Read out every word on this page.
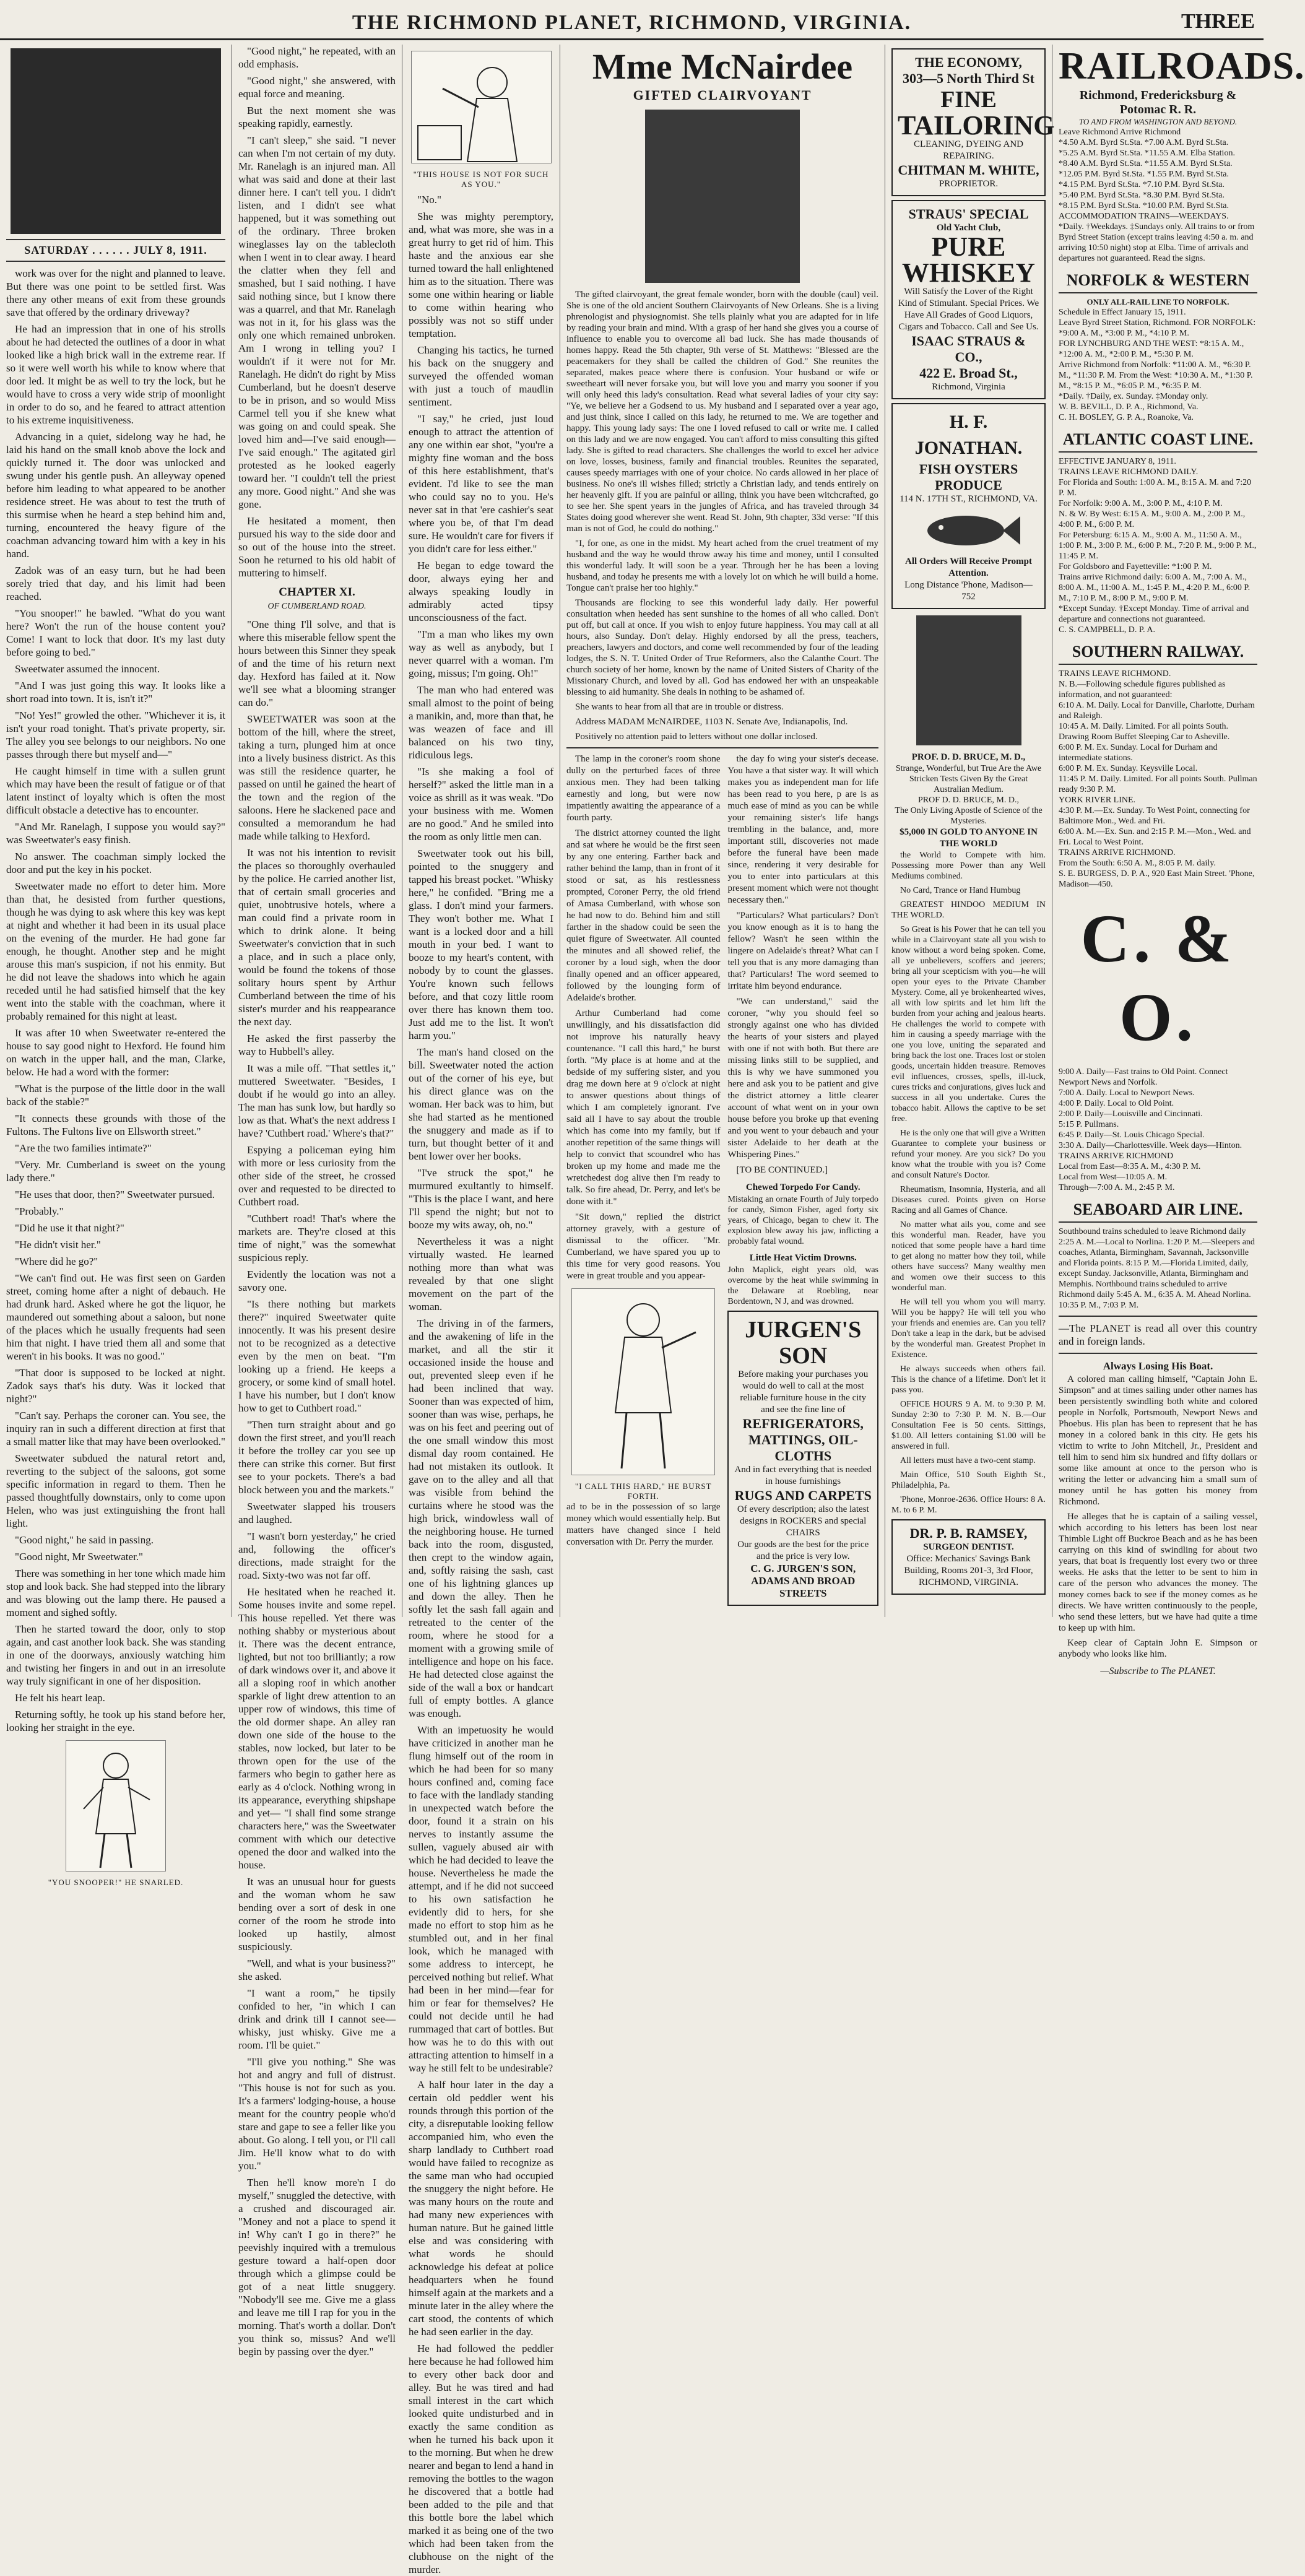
THE RICHMOND PLANET, RICHMOND, VIRGINIA.	THREE
SATURDAY . . . . . . JULY 8, 1911.

work was over for the night and planned to leave. But there was one point to be settled first. Was there any other means of exit from these grounds save that offered by the ordinary driveway?

He had an impression that in one of his strolls about he had detected the outlines of a door in what looked like a high brick wall in the extreme rear. If so it were well worth his while to know where that door led. It might be as well to try the lock, but he would have to cross a very wide strip of moonlight in order to do so, and he feared to attract attention to his extreme inquisitiveness.

Advancing in a quiet, sidelong way he had, he laid his hand on the small knob above the lock and quickly turned it. The door was unlocked and swung under his gentle push. An alleyway opened before him leading to what appeared to be another residence street. He was about to test the truth of this surmise when he heard a step behind him and, turning, encountered the heavy figure of the coachman advancing toward him with a key in his hand.

Zadok was of an easy turn, but he had been sorely tried that day, and his limit had been reached.

"You snooper!" he bawled. "What do you want here? Won't the run of the house content you? Come! I want to lock that door. It's my last duty before going to bed."

Sweetwater assumed the innocent.

"And I was just going this way. It looks like a short road into town. It is, isn't it?"

"No! Yes!" growled the other. "Whichever it is, it isn't your road tonight. That's private property, sir. The alley you see belongs to our neighbors. No one passes through there but myself and—"

He caught himself in time with a sullen grunt which may have been the result of fatigue or of that latent instinct of loyalty which is often the most difficult obstacle a detective has to encounter.

"And Mr. Ranelagh, I suppose you would say?" was Sweetwater's easy finish.

No answer. The coachman simply locked the door and put the key in his pocket.

Sweetwater made no effort to deter him. More than that, he desisted from further questions, though he was dying to ask where this key was kept at night and whether it had been in its usual place on the evening of the murder. He had gone far enough, he thought. Another step and he might arouse this man's suspicion, if not his enmity. But he did not leave the shadows into which he again receded until he had satisfied himself that the key went into the stable with the coachman, where it probably remained for this night at least.

It was after 10 when Sweetwater re-entered the house to say good night to Hexford. He found him on watch in the upper hall, and the man, Clarke, below. He had a word with the former:

"What is the purpose of the little door in the wall back of the stable?"

"It connects these grounds with those of the Fultons. The Fultons live on Ellsworth street."

"Are the two families intimate?"

"Very. Mr. Cumberland is sweet on the young lady there."

"He uses that door, then?" Sweetwater pursued.

"Probably."

"Did he use it that night?"

"He didn't visit her."

"Where did he go?"

"We can't find out. He was first seen on Garden street, coming home after a night of debauch. He had drunk hard. Asked where he got the liquor, he maundered out something about a saloon, but none of the places which he usually frequents had seen him that night. I have tried them all and some that weren't in his books. It was no good."

"That door is supposed to be locked at night. Zadok says that's his duty. Was it locked that night?"

"Can't say. Perhaps the coroner can. You see, the inquiry ran in such a different direction at first that a small matter like that may have been overlooked."

Sweetwater subdued the natural retort and, reverting to the subject of the saloons, got some specific information in regard to them. Then he passed thoughtfully downstairs, only to come upon Helen, who was just extinguishing the front hall light.

"Good night," he said in passing.

"Good night, Mr Sweetwater."

There was something in her tone which made him stop and look back. She had stepped into the library and was blowing out the lamp there. He paused a moment and sighed softly.

Then he started toward the door, only to stop again, and cast another look back. She was standing in one of the doorways, anxiously watching him and twisting her fingers in and out in an irresolute way truly significant in one of her disposition.

He felt his heart leap.

Returning softly, he took up his stand before her, looking her straight in the eye.

"YOU SNOOPER!" HE SNARLED.

"Good night," he repeated, with an odd emphasis.

"Good night," she answered, with equal force and meaning.

But the next moment she was speaking rapidly, earnestly.

"I can't sleep," she said. "I never can when I'm not certain of my duty. Mr. Ranelagh is an injured man. All what was said and done at their last dinner here. I can't tell you. I didn't listen, and I didn't see what happened, but it was something out of the ordinary. Three broken wineglasses lay on the tablecloth when I went in to clear away. I heard the clatter when they fell and smashed, but I said nothing. I have said nothing since, but I know there was a quarrel, and that Mr. Ranelagh was not in it, for his glass was the only one which remained unbroken. Am I wrong in telling you? I wouldn't if it were not for Mr. Ranelagh. He didn't do right by Miss Cumberland, but he doesn't deserve to be in prison, and so would Miss Carmel tell you if she knew what was going on and could speak. She loved him and—I've said enough—I've said enough." The agitated girl protested as he looked eagerly toward her. "I couldn't tell the priest any more. Good night." And she was gone.

He hesitated a moment, then pursued his way to the side door and so out of the house into the street. Soon he returned to his old habit of muttering to himself.

CHAPTER XI.
OF CUMBERLAND ROAD.

"One thing I'll solve, and that is where this miserable fellow spent the hours between this Sinner they speak of and the time of his return next day. Hexford has failed at it. Now we'll see what a blooming stranger can do."

SWEETWATER was soon at the bottom of the hill, where the street, taking a turn, plunged him at once into a lively business district. As this was still the residence quarter, he passed on until he gained the heart of the town and the region of the saloons. Here he slackened pace and consulted a memorandum he had made while talking to Hexford.

It was not his intention to revisit the places so thoroughly overhauled by the police. He carried another list, that of certain small groceries and quiet, unobtrusive hotels, where a man could find a private room in which to drink alone. It being Sweetwater's conviction that in such a place, and in such a place only, would be found the tokens of those solitary hours spent by Arthur Cumberland between the time of his sister's murder and his reappearance the next day.

He asked the first passerby the way to Hubbell's alley.

It was a mile off. "That settles it," muttered Sweetwater. "Besides, I doubt if he would go into an alley. The man has sunk low, but hardly so low as that. What's the next address I have? 'Cuthbert road.' Where's that?"

Espying a policeman eying him with more or less curiosity from the other side of the street, he crossed over and requested to be directed to Cuthbert road.

"Cuthbert road! That's where the markets are. They're closed at this time of night," was the somewhat suspicious reply.

Evidently the location was not a savory one.

"Is there nothing but markets there?" inquired Sweetwater quite innocently. It was his present desire not to be recognized as a detective even by the men on beat. "I'm looking up a friend. He keeps a grocery, or some kind of small hotel. I have his number, but I don't know how to get to Cuthbert road."

"Then turn straight about and go down the first street, and you'll reach it before the trolley car you see up there can strike this corner. But first see to your pockets. There's a bad block between you and the markets."

Sweetwater slapped his trousers and laughed.

"I wasn't born yesterday," he cried and, following the officer's directions, made straight for the road. Sixty-two was not far off.

He hesitated when he reached it. Some houses invite and some repel. This house repelled. Yet there was nothing shabby or mysterious about it. There was the decent entrance, lighted, but not too brilliantly; a row of dark windows over it, and above it all a sloping roof in which another sparkle of light drew attention to an upper row of windows, this time of the old dormer shape. An alley ran down one side of the house to the stables, now locked, but later to be thrown open for the use of the farmers who begin to gather here as early as 4 o'clock. Nothing wrong in its appearance, everything shipshape and yet— "I shall find some strange characters here," was the Sweetwater comment with which our detective opened the door and walked into the house.

It was an unusual hour for guests and the woman whom he saw bending over a sort of desk in one corner of the room he strode into looked up hastily, almost suspiciously.

"Well, and what is your business?" she asked.

"I want a room," he tipsily confided to her, "in which I can drink and drink till I cannot see—whisky, just whisky. Give me a room. I'll be quiet."

"I'll give you nothing." She was hot and angry and full of distrust. "This house is not for such as you. It's a farmers' lodging-house, a house meant for the country people who'd stare and gape to see a feller like you about. Go along. I tell you, or I'll call Jim. He'll know what to do with you."

Then he'll know more'n I do myself," snuggled the detective, with a crushed and discouraged air. "Money and not a place to spend it in! Why can't I go in there?" he peevishly inquired with a tremulous gesture toward a half-open door through which a glimpse could be got of a neat little snuggery. "Nobody'll see me. Give me a glass and leave me till I rap for you in the morning. That's worth a dollar. Don't you think so, missus? And we'll begin by passing over the dyer."

"THIS HOUSE IS NOT FOR SUCH AS YOU."

"No."

She was mighty peremptory, and, what was more, she was in a great hurry to get rid of him. This haste and the anxious ear she turned toward the hall enlightened him as to the situation. There was some one within hearing or liable to come within hearing who possibly was not so stiff under temptation.

Changing his tactics, he turned his back on the snuggery and surveyed the offended woman with just a touch of maudlin sentiment.

"I say," he cried, just loud enough to attract the attention of any one within ear shot, "you're a mighty fine woman and the boss of this here establishment, that's evident. I'd like to see the man who could say no to you. He's never sat in that 'ere cashier's seat where you be, of that I'm dead sure. He wouldn't care for fivers if you didn't care for less either."

He began to edge toward the door, always eying her and always speaking loudly in admirably acted tipsy unconsciousness of the fact.

"I'm a man who likes my own way as well as anybody, but I never quarrel with a woman. I'm going, missus; I'm going. Oh!"

The man who had entered was small almost to the point of being a manikin, and, more than that, he was weazen of face and ill balanced on his two tiny, ridiculous legs.

"Is she making a fool of herself?" asked the little man in a voice as shrill as it was weak. "Do your business with me. Women are no good." And he smiled into the room as only little men can.

Sweetwater took out his bill, pointed to the snuggery and tapped his breast pocket. "Whisky here," he confided. "Bring me a glass. I don't mind your farmers. They won't bother me. What I want is a locked door and a hill mouth in your bed. I want to booze to my heart's content, with nobody by to count the glasses. You're known such fellows before, and that cozy little room over there has known them too. Just add me to the list. It won't harm you."

The man's hand closed on the bill. Sweetwater noted the action out of the corner of his eye, but his direct glance was on the woman. Her back was to him, but she had started as he mentioned the snuggery and made as if to turn, but thought better of it and bent lower over her books.

"I've struck the spot," he murmured exultantly to himself. "This is the place I want, and here I'll spend the night; but not to booze my wits away, oh, no."

Nevertheless it was a night virtually wasted. He learned nothing more than what was revealed by that one slight movement on the part of the woman.

The driving in of the farmers, and the awakening of life in the market, and all the stir it occasioned inside the house and out, prevented sleep even if he had been inclined that way. Sooner than was expected of him, sooner than was wise, perhaps, he was on his feet and peering out of the one small window this most dismal day room contained. He had not mistaken its outlook. It gave on to the alley and all that was visible from behind the curtains where he stood was the high brick, windowless wall of the neighboring house. He turned back into the room, disgusted, then crept to the window again, and, softly raising the sash, cast one of his lightning glances up and down the alley. Then he softly let the sash fall again and retreated to the center of the room, where he stood for a moment with a growing smile of intelligence and hope on his face. He had detected close against the side of the wall a box or handcart full of empty bottles. A glance was enough.

With an impetuosity he would have criticized in another man he flung himself out of the room in which he had been for so many hours confined and, coming face to face with the landlady standing in unexpected watch before the door, found it a strain on his nerves to instantly assume the sullen, vaguely abused air with which he had decided to leave the house. Nevertheless he made the attempt, and if he did not succeed to his own satisfaction he evidently did to hers, for she made no effort to stop him as he stumbled out, and in her final look, which he managed with some address to intercept, he perceived nothing but relief. What had been in her mind—fear for him or fear for themselves? He could not decide until he had rummaged that cart of bottles. But how was he to do this with out attracting attention to himself in a way he still felt to be undesirable?

A half hour later in the day a certain old peddler went his rounds through this portion of the city, a disreputable looking fellow accompanied him, who even the sharp landlady to Cuthbert road would have failed to recognize as the same man who had occupied the snuggery the night before. He was many hours on the route and had many new experiences with human nature. But he gained little else and was considering with what words he should acknowledge his defeat at police headquarters when he found himself again at the markets and a minute later in the alley where the cart stood, the contents of which he had seen earlier in the day.

He had followed the peddler here because he had followed him to every other back door and alley. But he was tired and had small interest in the cart which looked quite undisturbed and in exactly the same condition as when he turned his back upon it to the morning. But when he drew nearer and began to lend a hand in removing the bottles to the wagon he discovered that a bottle had been added to the pile and that this bottle bore the label which marked it as being one of the two which had been taken from the clubhouse on the night of the murder.

Mme McNairdee
GIFTED CLAIRVOYANT

The gifted clairvoyant, the great female wonder, born with the double (caul) veil. She is one of the old ancient Southern Clairvoyants of New Orleans. She is a living phrenologist and physiognomist. She tells plainly what you are adapted for in life by reading your brain and mind. With a grasp of her hand she gives you a course of influence to enable you to overcome all bad luck. She has made thousands of homes happy. Read the 5th chapter, 9th verse of St. Matthews: "Blessed are the peacemakers for they shall be called the children of God." She reunites the separated, makes peace where there is confusion. Your husband or wife or sweetheart will never forsake you, but will love you and marry you sooner if you will only heed this lady's consultation. Read what several ladies of your city say: "Ye, we believe her a Godsend to us. My husband and I separated over a year ago, and just think, since I called on this lady, he returned to me. We are together and happy. This young lady says: The one I loved refused to call or write me. I called on this lady and we are now engaged. You can't afford to miss consulting this gifted lady. She is gifted to read characters. She challenges the world to excel her advice on love, losses, business, family and financial troubles. Reunites the separated, causes speedy marriages with one of your choice. No cards allowed in her place of business. No one's ill wishes filled; strictly a Christian lady, and tends entirely on her heavenly gift. If you are painful or ailing, think you have been witchcrafted, go to see her. She spent years in the jungles of Africa, and has traveled through 34 States doing good wherever she went. Read St. John, 9th chapter, 33d verse: "If this man is not of God, he could do nothing."

"I, for one, as one in the midst. My heart ached from the cruel treatment of my husband and the way he would throw away his time and money, until I consulted this wonderful lady. It will soon be a year. Through her he has been a loving husband, and today he presents me with a lovely lot on which he will build a home. Tongue can't praise her too highly."

Thousands are flocking to see this wonderful lady daily. Her powerful consultation when heeded has sent sunshine to the homes of all who called. Don't put off, but call at once. If you wish to enjoy future happiness. You may call at all hours, also Sunday. Don't delay. Highly endorsed by all the press, teachers, preachers, lawyers and doctors, and come well recommended by four of the leading lodges, the S. N. T. United Order of True Reformers, also the Calanthe Court. The church society of her home, known by the name of United Sisters of Charity of the Missionary Church, and loved by all. God has endowed her with an unspeakable blessing to aid humanity. She deals in nothing to be ashamed of.

She wants to hear from all that are in trouble or distress.

Address MADAM McNAIRDEE, 1103 N. Senate Ave, Indianapolis, Ind.

Positively no attention paid to letters without one dollar inclosed.

The lamp in the coroner's room shone dully on the perturbed faces of three anxious men. They had been talking earnestly and long, but were now impatiently awaiting the appearance of a fourth party.

The district attorney counted the light and sat where he would be the first seen by any one entering. Farther back and rather behind the lamp, than in front of it stood or sat, as his restlessness prompted, Coroner Perry, the old friend of Amasa Cumberland, with whose son he had now to do. Behind him and still farther in the shadow could be seen the quiet figure of Sweetwater. All counted the minutes and all showed relief, the coroner by a loud sigh, when the door finally opened and an officer appeared, followed by the lounging form of Adelaide's brother.

Arthur Cumberland had come unwillingly, and his dissatisfaction did not improve his naturally heavy countenance. "I call this hard," he burst forth. "My place is at home and at the bedside of my suffering sister, and you drag me down here at 9 o'clock at night to answer questions about things of which I am completely ignorant. I've said all I have to say about the trouble which has come into my family, but if another repetition of the same things will help to convict that scoundrel who has broken up my home and made me the wretchedest dog alive then I'm ready to talk. So fire ahead, Dr. Perry, and let's be done with it."

"Sit down," replied the district attorney gravely, with a gesture of dismissal to the officer. "Mr. Cumberland, we have spared you up to this time for very good reasons. You were in great trouble and you appear-

"I CALL THIS HARD," HE BURST FORTH.
ad to be in the possession of so large money which would essentially help. But matters have changed since I held conversation with Dr. Perry the murder.

the day fo wing your sister's decease. You have a that sister way. It will which makes you as independent man for life has been read to you here, p are is as much ease of mind as you can be while your remaining sister's life hangs trembling in the balance, and, more important still, discoveries not made before the funeral have been made since, rendering it very desirable for you to enter into particulars at this present moment which were not thought necessary then."

"Particulars? What particulars? Don't you know enough as it is to hang the fellow? Wasn't he seen within the lingere on Adelaide's threat? What can I tell you that is any more damaging than that? Particulars! The word seemed to irritate him beyond endurance.

"We can understand," said the coroner, "why you should feel so strongly against one who has divided the hearts of your sisters and played with one if not with both. But there are missing links still to be supplied, and this is why we have summoned you here and ask you to be patient and give the district attorney a little clearer account of what went on in your own house before you broke up that evening and you went to your debauch and your sister Adelaide to her death at the Whispering Pines."

[TO BE CONTINUED.]

Chewed Torpedo For Candy.
Mistaking an ornate Fourth of July torpedo for candy, Simon Fisher, aged forty six years, of Chicago, began to chew it. The explosion blew away his jaw, inflicting a probably fatal wound.
Little Heat Victim Drowns.
John Maplick, eight years old, was overcome by the heat while swimming in the Delaware at Roebling, near Bordentown, N J, and was drowned.
JURGEN'S SON
Before making your purchases you would do well to call at the most reliable furniture house in the city and see the fine line of
REFRIGERATORS, MATTINGS, OIL-CLOTHS
And in fact everything that is needed in house furnishings
RUGS AND CARPETS
Of every description; also the latest designs in ROCKERS and special CHAIRS
Our goods are the best for the price and the price is very low.
C. G. JURGEN'S SON, ADAMS AND BROAD STREETS
THE ECONOMY,
303—5 North Third St
FINE
TAILORING
CLEANING, DYEING AND REPAIRING.
CHITMAN M. WHITE,
PROPRIETOR.
STRAUS' SPECIAL
Old Yacht Club,
PURE WHISKEY
Will Satisfy the Lover of the Right Kind of Stimulant. Special Prices. We Have All Grades of Good Liquors, Cigars and Tobacco. Call and See Us.
ISAAC STRAUS & CO.,
422 E. Broad St.,
Richmond, Virginia
H. F. JONATHAN.
FISH OYSTERS PRODUCE
114 N. 17TH ST., RICHMOND, VA.
All Orders Will Receive Prompt Attention.
Long Distance 'Phone, Madison—752
PROF. D. D. BRUCE, M. D.,
Strange, Wonderful, but True Are the Awe Stricken Tests Given By the Great Australian Medium.
PROF D. D. BRUCE, M. D.,
The Only Living Apostle of Science of the Mysteries.
$5,000 IN GOLD TO ANYONE IN THE WORLD

the World to Compete with him. Possessing more Power than any Well Mediums combined.

No Card, Trance or Hand Humbug

GREATEST HINDOO MEDIUM IN THE WORLD.

So Great is his Power that he can tell you while in a Clairvoyant state all you wish to know without a word being spoken. Come, all ye unbelievers, scoffers and jeerers; bring all your scepticism with you—he will open your eyes to the Private Chamber Mystery. Come, all ye brokenhearted wives, all with low spirits and let him lift the burden from your aching and jealous hearts. He challenges the world to compete with him in causing a speedy marriage with the one you love, uniting the separated and bring back the lost one. Traces lost or stolen goods, uncertain hidden treasure. Removes evil influences, crosses, spells, ill-luck, cures tricks and conjurations, gives luck and success in all you undertake. Cures the tobacco habit. Allows the captive to be set free.

He is the only one that will give a Written Guarantee to complete your business or refund your money. Are you sick? Do you know what the trouble with you is? Come and consult Nature's Doctor.

Rheumatism, Insomnia, Hysteria, and all Diseases cured. Points given on Horse Racing and all Games of Chance.

No matter what ails you, come and see this wonderful man. Reader, have you noticed that some people have a hard time to get along no matter how they toil, while others have success? Many wealthy men and women owe their success to this wonderful man.

He will tell you whom you will marry. Will you be happy? He will tell you who your friends and enemies are. Can you tell? Don't take a leap in the dark, but be advised by the wonderful man. Greatest Prophet in Existence.

He always succeeds when others fail. This is the chance of a lifetime. Don't let it pass you.

OFFICE HOURS 9 A. M. to 9:30 P. M. Sunday 2:30 to 7:30 P. M. N. B.—Our Consultation Fee is 50 cents. Sittings, $1.00. All letters containing $1.00 will be answered in full.

All letters must have a two-cent stamp.

Main Office, 510 South Eighth St., Philadelphia, Pa.

'Phone, Monroe-2636. Office Hours: 8 A. M. to 6 P. M.

DR. P. B. RAMSEY,
SURGEON DENTIST.
Office: Mechanics' Savings Bank Building, Rooms 201-3, 3rd Floor, RICHMOND, VIRGINIA.
RAILROADS.
Richmond, Fredericksburg & Potomac R. R.
TO AND FROM WASHINGTON AND BEYOND.
Leave Richmond Arrive Richmond
*4.50 A.M. Byrd St.Sta. *7.00 A.M. Byrd St.Sta.
*5.25 A.M. Byrd St.Sta. *11.55 A.M. Elba Station.
*8.40 A.M. Byrd St.Sta. *11.55 A.M. Byrd St.Sta.
*12.05 P.M. Byrd St.Sta. *1.55 P.M. Byrd St.Sta.
*4.15 P.M. Byrd St.Sta. *7.10 P.M. Byrd St.Sta.
*5.40 P.M. Byrd St.Sta. *8.30 P.M. Byrd St.Sta.
*8.15 P.M. Byrd St.Sta. *10.00 P.M. Byrd St.Sta.
ACCOMMODATION TRAINS—WEEKDAYS.
*Daily. †Weekdays. ‡Sundays only. All trains to or from Byrd Street Station (except trains leaving 4:50 a. m. and arriving 10:50 night) stop at Elba. Time of arrivals and departures not guaranteed. Read the signs.
NORFOLK & WESTERN
ONLY ALL-RAIL LINE TO NORFOLK.
Schedule in Effect January 15, 1911.
Leave Byrd Street Station, Richmond. FOR NORFOLK: *9:00 A. M., *3:00 P. M., *4:10 P. M.
FOR LYNCHBURG AND THE WEST: *8:15 A. M., *12:00 A. M., *2:00 P. M., *5:30 P. M.
Arrive Richmond from Norfolk: *11:00 A. M., *6:30 P. M., *11:30 P. M. From the West: *10:30 A. M., *1:30 P. M., *8:15 P. M., *6:05 P. M., *6:35 P. M.
*Daily. †Daily, ex. Sunday. ‡Monday only.
W. B. BEVILL, D. P. A., Richmond, Va.
C. H. BOSLEY, G. P. A., Roanoke, Va.
ATLANTIC COAST LINE.
EFFECTIVE JANUARY 8, 1911.
TRAINS LEAVE RICHMOND DAILY.
For Florida and South: 1:00 A. M., 8:15 A. M. and 7:20 P. M.
For Norfolk: 9:00 A. M., 3:00 P. M., 4:10 P. M.
N. & W. By West: 6:15 A. M., 9:00 A. M., 2:00 P. M., 4:00 P. M., 6:00 P. M.
For Petersburg: 6:15 A. M., 9:00 A. M., 11:50 A. M., 1:00 P. M., 3:00 P. M., 6:00 P. M., 7:20 P. M., 9:00 P. M., 11:45 P. M.
For Goldsboro and Fayetteville: *1:00 P. M.
Trains arrive Richmond daily: 6:00 A. M., 7:00 A. M., 8:00 A. M., 11:00 A. M., 1:45 P. M., 4:20 P. M., 6:00 P. M., 7:10 P. M., 8:00 P. M., 9:00 P. M.
*Except Sunday. †Except Monday. Time of arrival and departure and connections not guaranteed.
C. S. CAMPBELL, D. P. A.
SOUTHERN RAILWAY.
TRAINS LEAVE RICHMOND.
N. B.—Following schedule figures published as information, and not guaranteed:
6:10 A. M. Daily. Local for Danville, Charlotte, Durham and Raleigh.
10:45 A. M. Daily. Limited. For all points South. Drawing Room Buffet Sleeping Car to Asheville.
6:00 P. M. Ex. Sunday. Local for Durham and intermediate stations.
6:00 P. M. Ex. Sunday. Keysville Local.
11:45 P. M. Daily. Limited. For all points South. Pullman ready 9:30 P. M.
YORK RIVER LINE.
4:30 P. M.—Ex. Sunday. To West Point, connecting for Baltimore Mon., Wed. and Fri.
6:00 A. M.—Ex. Sun. and 2:15 P. M.—Mon., Wed. and Fri. Local to West Point.
TRAINS ARRIVE RICHMOND.
From the South: 6:50 A. M., 8:05 P. M. daily.
S. E. BURGESS, D. P. A., 920 East Main Street. 'Phone, Madison—450.
C. & O.
9:00 A. Daily—Fast trains to Old Point. Connect Newport News and Norfolk.
7:00 A. Daily. Local to Newport News.
4:00 P. Daily. Local to Old Point.
2:00 P. Daily—Louisville and Cincinnati.
5:15 P. Pullmans.
6:45 P. Daily—St. Louis Chicago Special.
3:30 A. Daily—Charlottesville. Week days—Hinton.
TRAINS ARRIVE RICHMOND
Local from East—8:35 A. M., 4:30 P. M.
Local from West—10:05 A. M.
Through—7:00 A. M., 2:45 P. M.
SEABOARD AIR LINE.
Southbound trains scheduled to leave Richmond daily 2:25 A. M.—Local to Norlina. 1:20 P. M.—Sleepers and coaches, Atlanta, Birmingham, Savannah, Jacksonville and Florida points. 8:15 P. M.—Florida Limited, daily, except Sunday. Jacksonville, Atlanta, Birmingham and Memphis. Northbound trains scheduled to arrive Richmond daily 5:45 A. M., 6:35 A. M. Ahead Norlina. 10:35 P. M., 7:03 P. M.
—The PLANET is read all over this country and in foreign lands.
Always Losing His Boat.

A colored man calling himself, "Captain John E. Simpson" and at times sailing under other names has been persistently swindling both white and colored people in Norfolk, Portsmouth, Newport News and Phoebus. His plan has been to represent that he has money in a colored bank in this city. He gets his victim to write to John Mitchell, Jr., President and tell him to send him six hundred and fifty dollars or some like amount at once to the person who is writing the letter or advancing him a small sum of money until he has gotten his money from Richmond.

He alleges that he is captain of a sailing vessel, which according to his letters has been lost near Thimble Light off Buckroe Beach and as he has been carrying on this kind of swindling for about two years, that boat is frequently lost every two or three weeks. He asks that the letter to be sent to him in care of the person who advances the money. The money comes back to see if the money comes as he directs. We have written continuously to the people, who send these letters, but we have had quite a time to keep up with him.

Keep clear of Captain John E. Simpson or anybody who looks like him.

—Subscribe to The PLANET.
